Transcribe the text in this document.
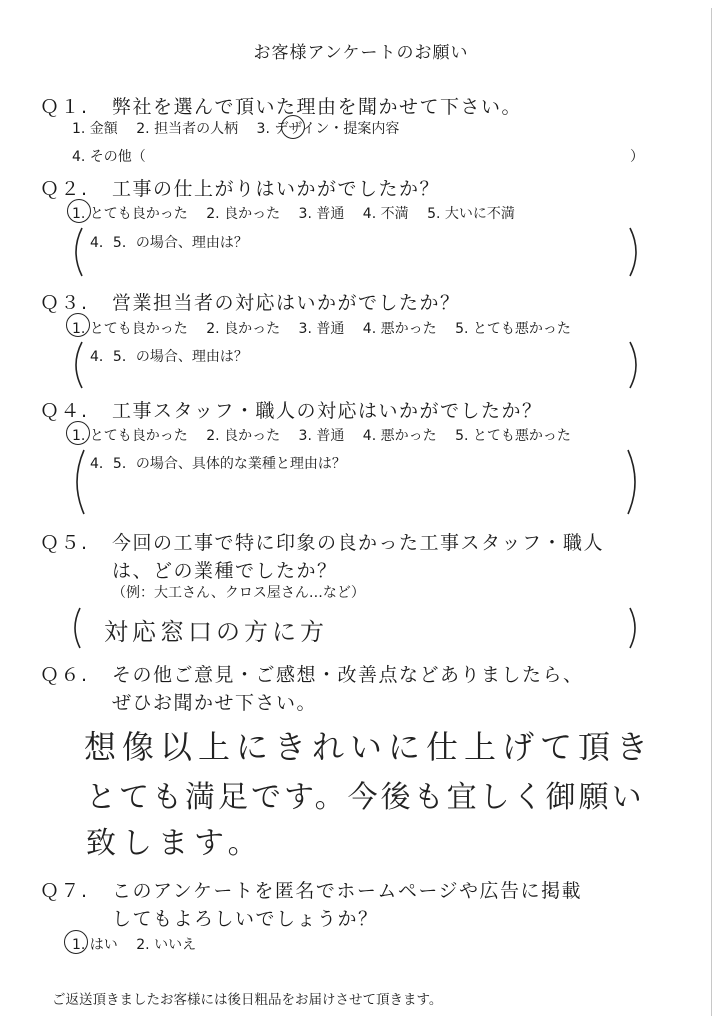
お客様アンケートのお願い
Ｑ１. 弊社を選んで頂いた理由を聞かせて下さい。
1. 金額 2. 担当者の人柄 3. デザイン・提案内容
4. その他（	）
Ｑ２. 工事の仕上がりはいかがでしたか？
1. とても良かった 2. 良かった 3. 普通 4. 不満 5. 大いに不満
4．5．の場合、理由は？
Ｑ３. 営業担当者の対応はいかがでしたか？
1. とても良かった 2. 良かった 3. 普通 4. 悪かった 5. とても悪かった
4．5．の場合、理由は？
Ｑ４. 工事スタッフ・職人の対応はいかがでしたか？
1. とても良かった 2. 良かった 3. 普通 4. 悪かった 5. とても悪かった
4．5．の場合、具体的な業種と理由は？
Ｑ５. 今回の工事で特に印象の良かった工事スタッフ・職人
は、どの業種でしたか？
（例：大工さん、クロス屋さん…など）
対応窓口の方に方
Ｑ６. その他ご意見・ご感想・改善点などありましたら、
ぜひお聞かせ下さい。
想像以上にきれいに仕上げて頂き
とても満足です。今後も宜しく御願い
致します。
Ｑ７. このアンケートを匿名でホームページや広告に掲載
してもよろしいでしょうか？
1. はい 2. いいえ
ご返送頂きましたお客様には後日粗品をお届けさせて頂きます。
